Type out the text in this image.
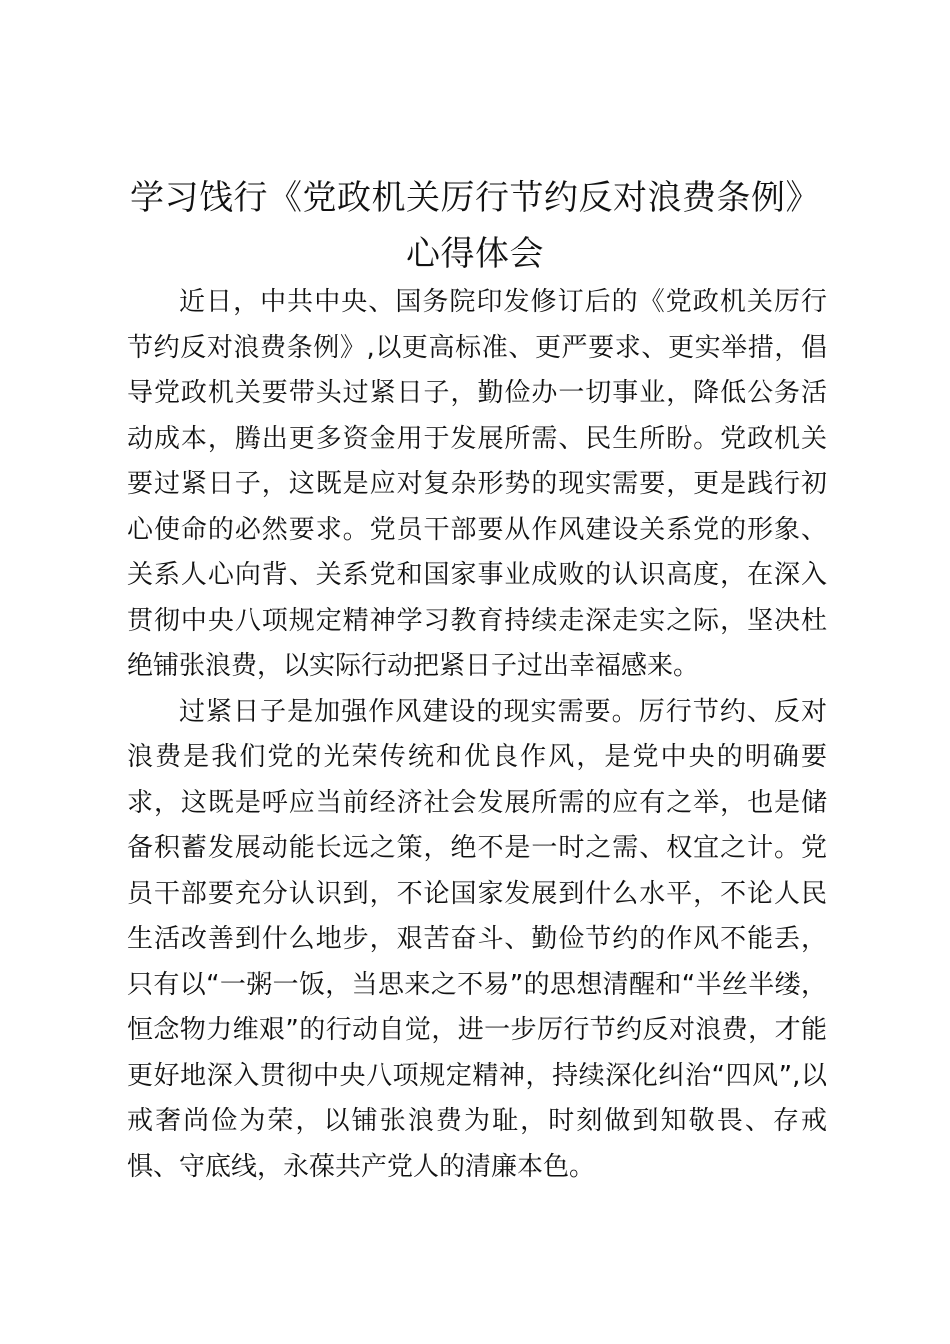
学习饯行《党政机关厉行节约反对浪费条例》
心得体会

近日，中共中央、国务院印发修订后的《党政机关厉行节约反对浪费条例》,以更高标准、更严要求、更实举措，倡导党政机关要带头过紧日子，勤俭办一切事业，降低公务活动成本，腾出更多资金用于发展所需、民生所盼。党政机关要过紧日子，这既是应对复杂形势的现实需要，更是践行初心使命的必然要求。党员干部要从作风建设关系党的形象、关系人心向背、关系党和国家事业成败的认识高度，在深入贯彻中央八项规定精神学习教育持续走深走实之际，坚决杜绝铺张浪费，以实际行动把紧日子过出幸福感来。

过紧日子是加强作风建设的现实需要。厉行节约、反对浪费是我们党的光荣传统和优良作风，是党中央的明确要求，这既是呼应当前经济社会发展所需的应有之举，也是储备积蓄发展动能长远之策，绝不是一时之需、权宜之计。党员干部要充分认识到，不论国家发展到什么水平，不论人民生活改善到什么地步，艰苦奋斗、勤俭节约的作风不能丢，只有以“一粥一饭，当思来之不易”的思想清醒和“半丝半缕，恒念物力维艰”的行动自觉，进一步厉行节约反对浪费，才能更好地深入贯彻中央八项规定精神，持续深化纠治“四风”,以戒奢尚俭为荣，以铺张浪费为耻，时刻做到知敬畏、存戒惧、守底线，永葆共产党人的清廉本色。
